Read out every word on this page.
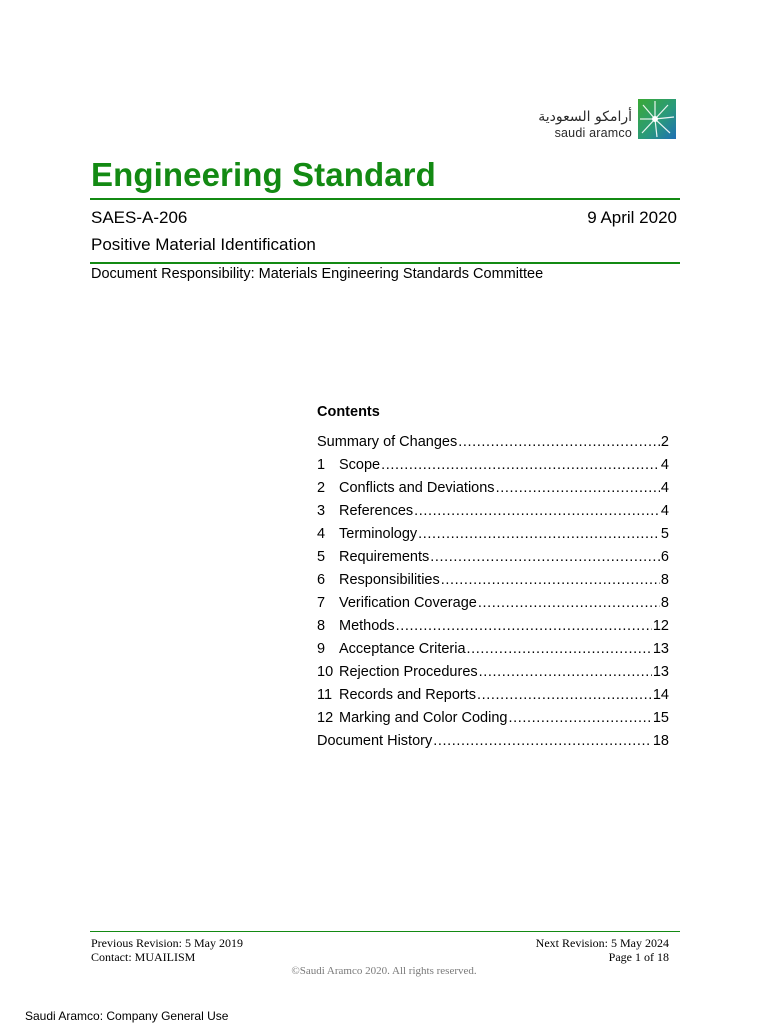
أرامكو السعودية
saudi aramco
Engineering Standard
SAES-A-206	9 April 2020
Positive Material Identification
Document Responsibility: Materials Engineering Standards Committee
Contents
Summary of Changes .....	2
1 Scope .....	4
2 Conflicts and Deviations .....	4
3 References .....	4
4 Terminology .....	5
5 Requirements .....	6
6 Responsibilities .....	8
7 Verification Coverage .....	8
8 Methods .....	12
9 Acceptance Criteria .....	13
10 Rejection Procedures .....	13
11 Records and Reports .....	14
12 Marking and Color Coding .....	15
Document History .....	18
Previous Revision: 5 May 2019
Contact: MUAILISM
Next Revision: 5 May 2024
Page 1 of 18
©Saudi Aramco 2020. All rights reserved.
Saudi Aramco: Company General Use
